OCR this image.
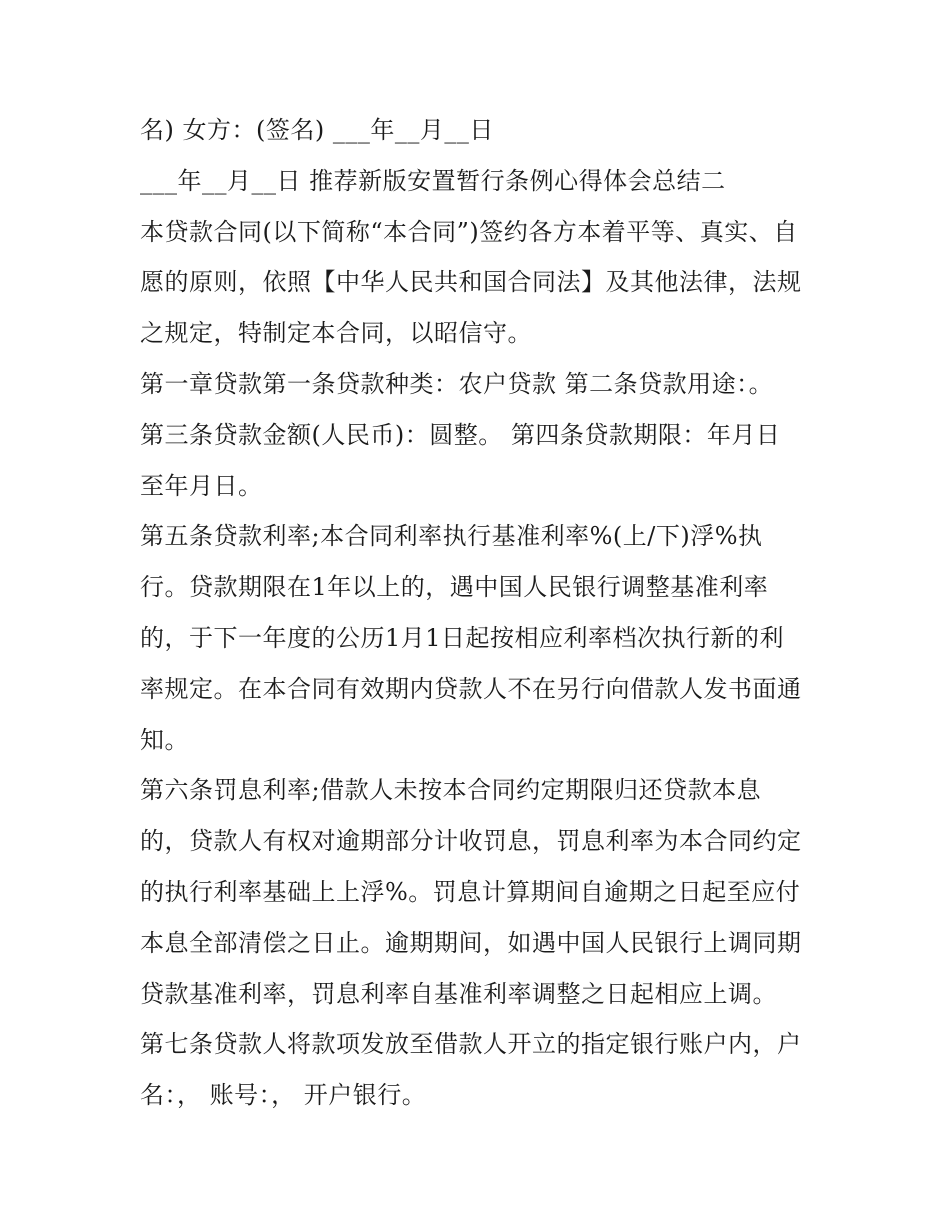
名) 女方：(签名) ___年__月__日
___年__月__日 推荐新版安置暂行条例心得体会总结二
本贷款合同(以下简称“本合同”)签约各方本着平等、真实、自
愿的原则，依照【中华人民共和国合同法】及其他法律，法规
之规定，特制定本合同，以昭信守。
第一章贷款第一条贷款种类：农户贷款 第二条贷款用途：。
第三条贷款金额(人民币)：圆整。 第四条贷款期限：年月日
至年月日。
第五条贷款利率;本合同利率执行基准利率%(上/下)浮%执
行。贷款期限在1年以上的，遇中国人民银行调整基准利率
的，于下一年度的公历1月1日起按相应利率档次执行新的利
率规定。在本合同有效期内贷款人不在另行向借款人发书面通
知。
第六条罚息利率;借款人未按本合同约定期限归还贷款本息
的，贷款人有权对逾期部分计收罚息，罚息利率为本合同约定
的执行利率基础上上浮%。罚息计算期间自逾期之日起至应付
本息全部清偿之日止。逾期期间，如遇中国人民银行上调同期
贷款基准利率，罚息利率自基准利率调整之日起相应上调。
第七条贷款人将款项发放至借款人开立的指定银行账户内，户
名：， 账号：， 开户银行。
